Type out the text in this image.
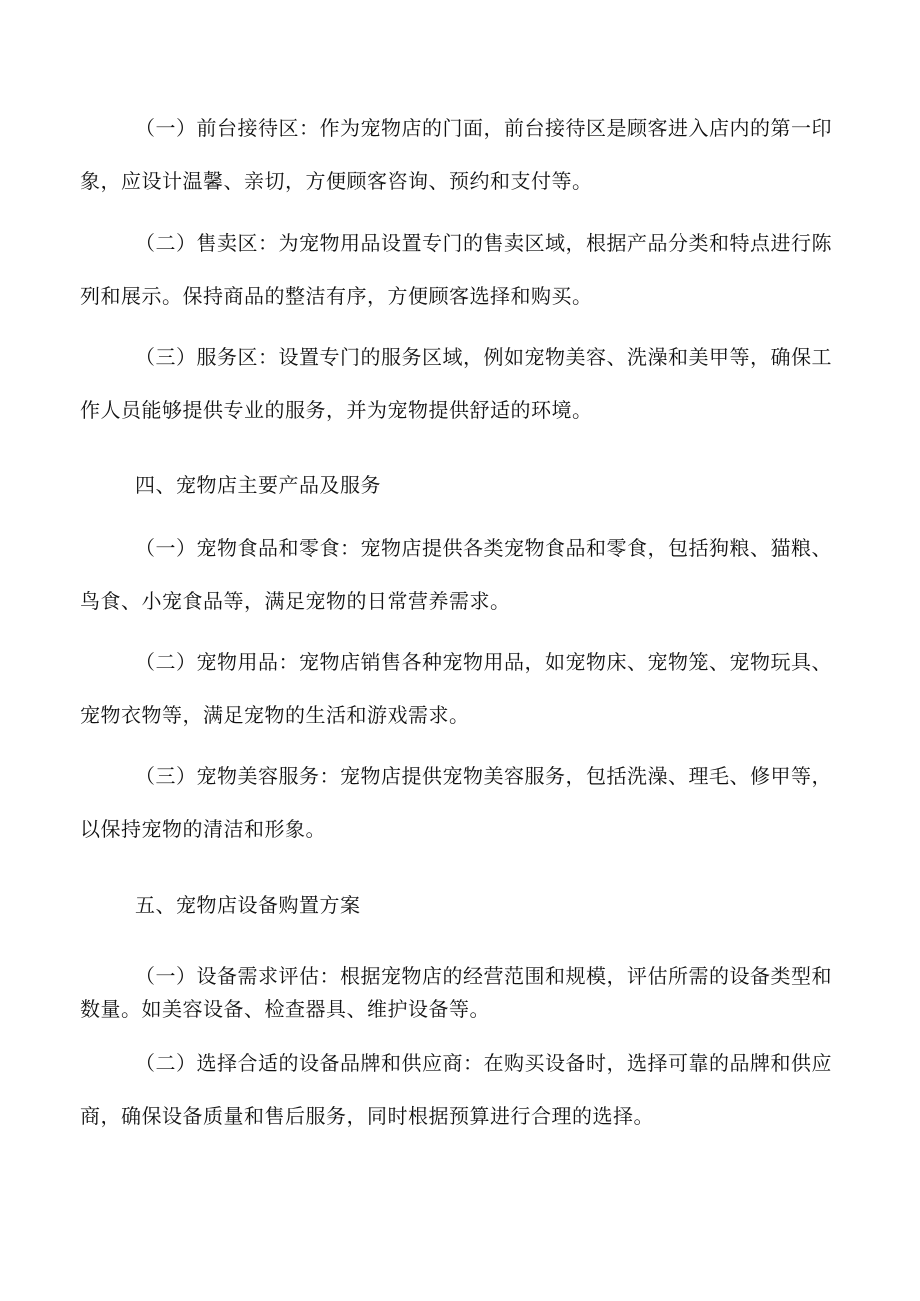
（一）前台接待区：作为宠物店的门面，前台接待区是顾客进入店内的第一印象，应设计温馨、亲切，方便顾客咨询、预约和支付等。

（二）售卖区：为宠物用品设置专门的售卖区域，根据产品分类和特点进行陈列和展示。保持商品的整洁有序，方便顾客选择和购买。

（三）服务区：设置专门的服务区域，例如宠物美容、洗澡和美甲等，确保工作人员能够提供专业的服务，并为宠物提供舒适的环境。

四、宠物店主要产品及服务

（一）宠物食品和零食：宠物店提供各类宠物食品和零食，包括狗粮、猫粮、鸟食、小宠食品等，满足宠物的日常营养需求。

（二）宠物用品：宠物店销售各种宠物用品，如宠物床、宠物笼、宠物玩具、宠物衣物等，满足宠物的生活和游戏需求。

（三）宠物美容服务：宠物店提供宠物美容服务，包括洗澡、理毛、修甲等，以保持宠物的清洁和形象。

五、宠物店设备购置方案

（一）设备需求评估：根据宠物店的经营范围和规模，评估所需的设备类型和数量。如美容设备、检查器具、维护设备等。

（二）选择合适的设备品牌和供应商：在购买设备时，选择可靠的品牌和供应商，确保设备质量和售后服务，同时根据预算进行合理的选择。
